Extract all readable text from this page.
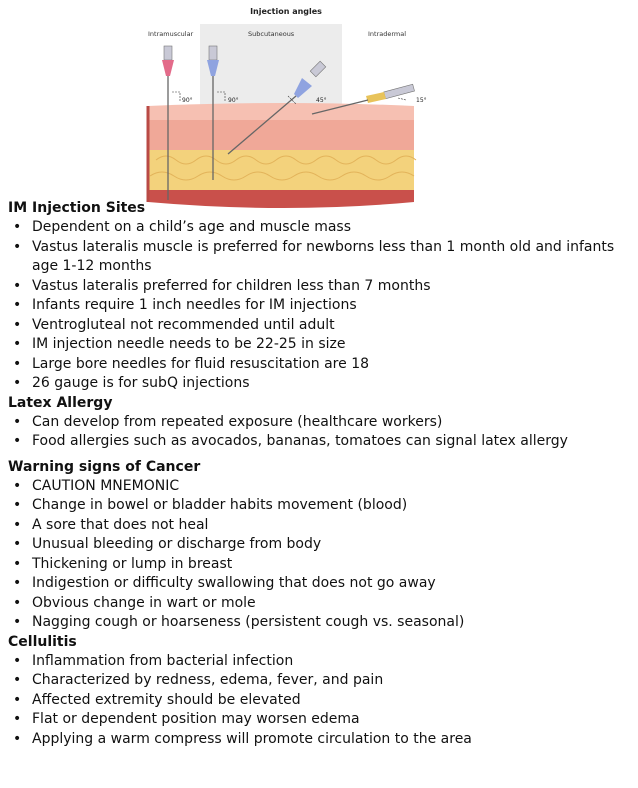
Injection angles
Intramuscular	Subcutaneous	Intradermal
90°	90°	45°	15°
IM Injection Sites
• Dependent on a child’s age and muscle mass
• Vastus lateralis muscle is preferred for newborns less than 1 month old and infants age 1-12 months
• Vastus lateralis preferred for children less than 7 months
• Infants require 1 inch needles for IM injections
• Ventrogluteal not recommended until adult
• IM injection needle needs to be 22-25 in size
• Large bore needles for fluid resuscitation are 18
• 26 gauge is for subQ injections
Latex Allergy
• Can develop from repeated exposure (healthcare workers)
• Food allergies such as avocados, bananas, tomatoes can signal latex allergy
Warning signs of Cancer
• CAUTION MNEMONIC
• Change in bowel or bladder habits movement (blood)
• A sore that does not heal
• Unusual bleeding or discharge from body
• Thickening or lump in breast
• Indigestion or difficulty swallowing that does not go away
• Obvious change in wart or mole
• Nagging cough or hoarseness (persistent cough vs. seasonal)
Cellulitis
• Inflammation from bacterial infection
• Characterized by redness, edema, fever, and pain
• Affected extremity should be elevated
• Flat or dependent position may worsen edema
• Applying a warm compress will promote circulation to the area
